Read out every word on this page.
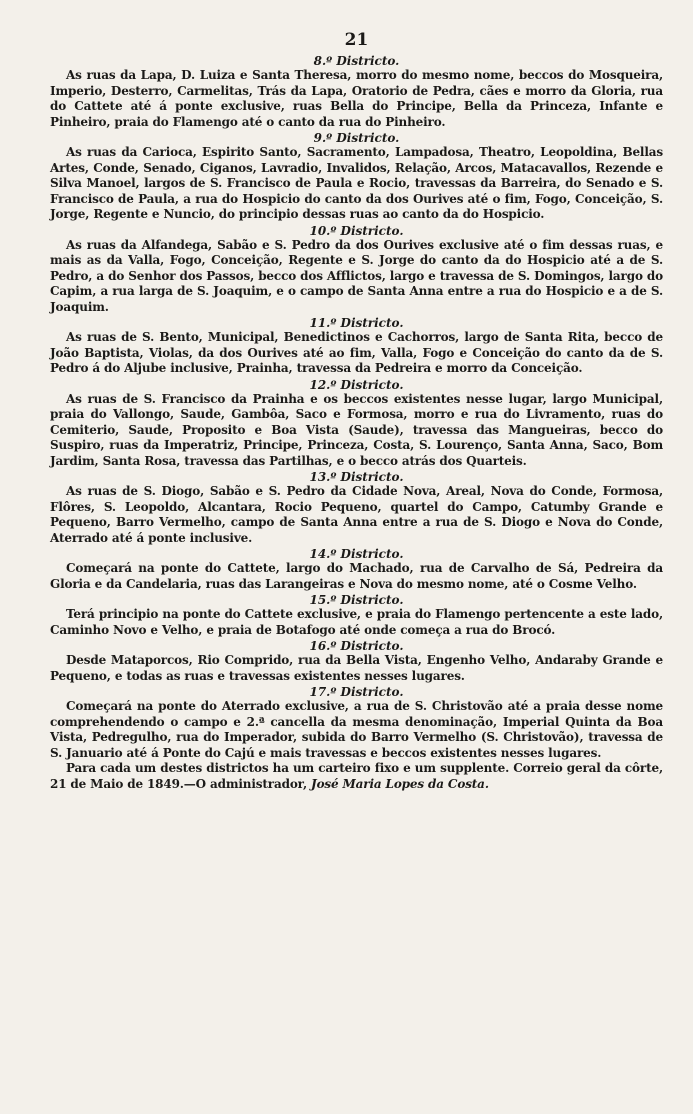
21
8.º Districto.

As ruas da Lapa, D. Luiza e Santa Theresa, morro do mesmo nome, beccos do Mosqueira, Imperio, Desterro, Carmelitas, Trás da Lapa, Oratorio de Pedra, cães e morro da Gloria, rua do Cattete até á ponte exclusive, ruas Bella do Principe, Bella da Princeza, Infante e Pinheiro, praia do Flamengo até o canto da rua do Pinheiro.

9.º Districto.

As ruas da Carioca, Espirito Santo, Sacramento, Lampadosa, Theatro, Leopoldina, Bellas Artes, Conde, Senado, Ciganos, Lavradio, Invalidos, Relação, Arcos, Matacavallos, Rezende e Silva Manoel, largos de S. Francisco de Paula e Rocio, travessas da Barreira, do Senado e S. Francisco de Paula, a rua do Hospicio do canto da dos Ourives até o fim, Fogo, Conceição, S. Jorge, Regente e Nuncio, do principio dessas ruas ao canto da do Hospicio.

10.º Districto.

As ruas da Alfandega, Sabão e S. Pedro da dos Ourives exclusive até o fim dessas ruas, e mais as da Valla, Fogo, Conceição, Regente e S. Jorge do canto da do Hospicio até a de S. Pedro, a do Senhor dos Passos, becco dos Afflictos, largo e travessa de S. Domingos, largo do Capim, a rua larga de S. Joaquim, e o campo de Santa Anna entre a rua do Hospicio e a de S. Joaquim.

11.º Districto.

As ruas de S. Bento, Municipal, Benedictinos e Cachorros, largo de Santa Rita, becco de João Baptista, Violas, da dos Ourives até ao fim, Valla, Fogo e Conceição do canto da de S. Pedro á do Aljube inclusive, Prainha, travessa da Pedreira e morro da Conceição.

12.º Districto.

As ruas de S. Francisco da Prainha e os beccos existentes nesse lugar, largo Municipal, praia do Vallongo, Saude, Gambôa, Saco e Formosa, morro e rua do Livramento, ruas do Cemiterio, Saude, Proposito e Boa Vista (Saude), travessa das Mangueiras, becco do Suspiro, ruas da Imperatriz, Principe, Princeza, Costa, S. Lourenço, Santa Anna, Saco, Bom Jardim, Santa Rosa, travessa das Partilhas, e o becco atrás dos Quarteis.

13.º Districto.

As ruas de S. Diogo, Sabão e S. Pedro da Cidade Nova, Areal, Nova do Conde, Formosa, Flôres, S. Leopoldo, Alcantara, Rocio Pequeno, quartel do Campo, Catumby Grande e Pequeno, Barro Vermelho, campo de Santa Anna entre a rua de S. Diogo e Nova do Conde, Aterrado até á ponte inclusive.

14.º Districto.

Começará na ponte do Cattete, largo do Machado, rua de Carvalho de Sá, Pedreira da Gloria e da Candelaria, ruas das Larangeiras e Nova do mesmo nome, até o Cosme Velho.

15.º Districto.

Terá principio na ponte do Cattete exclusive, e praia do Flamengo pertencente a este lado, Caminho Novo e Velho, e praia de Botafogo até onde começa a rua do Brocó.

16.º Districto.

Desde Mataporcos, Rio Comprido, rua da Bella Vista, Engenho Velho, Andaraby Grande e Pequeno, e todas as ruas e travessas existentes nesses lugares.

17.º Districto.

Começará na ponte do Aterrado exclusive, a rua de S. Christovão até a praia desse nome comprehendendo o campo e 2.ª cancella da mesma denominação, Imperial Quinta da Boa Vista, Pedregulho, rua do Imperador, subida do Barro Vermelho (S. Christovão), travessa de S. Januario até á Ponte do Cajú e mais travessas e beccos existentes nesses lugares.

Para cada um destes districtos ha um carteiro fixo e um supplente. Correio geral da côrte, 21 de Maio de 1849.—O administrador, José Maria Lopes da Costa.
